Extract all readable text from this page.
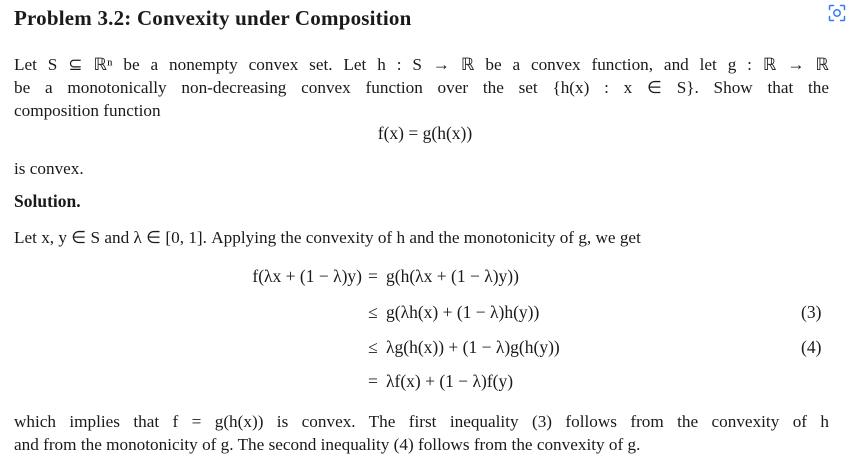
Problem 3.2: Convexity under Composition
Let S ⊆ ℝⁿ be a nonempty convex set. Let h : S → ℝ be a convex function, and let g : ℝ → ℝ
be a monotonically non-decreasing convex function over the set {h(x) : x ∈ S}. Show that the
composition function
f(x) = g(h(x))
is convex.
Solution.
Let x, y ∈ S and λ ∈ [0, 1]. Applying the convexity of h and the monotonicity of g, we get
f(λx + (1 − λ)y) = g(h(λx + (1 − λ)y))
≤ g(λh(x) + (1 − λ)h(y))	(3)
≤ λg(h(x)) + (1 − λ)g(h(y))	(4)
= λf(x) + (1 − λ)f(y)
which implies that f = g(h(x)) is convex. The first inequality (3) follows from the convexity of h
and from the monotonicity of g. The second inequality (4) follows from the convexity of g.
